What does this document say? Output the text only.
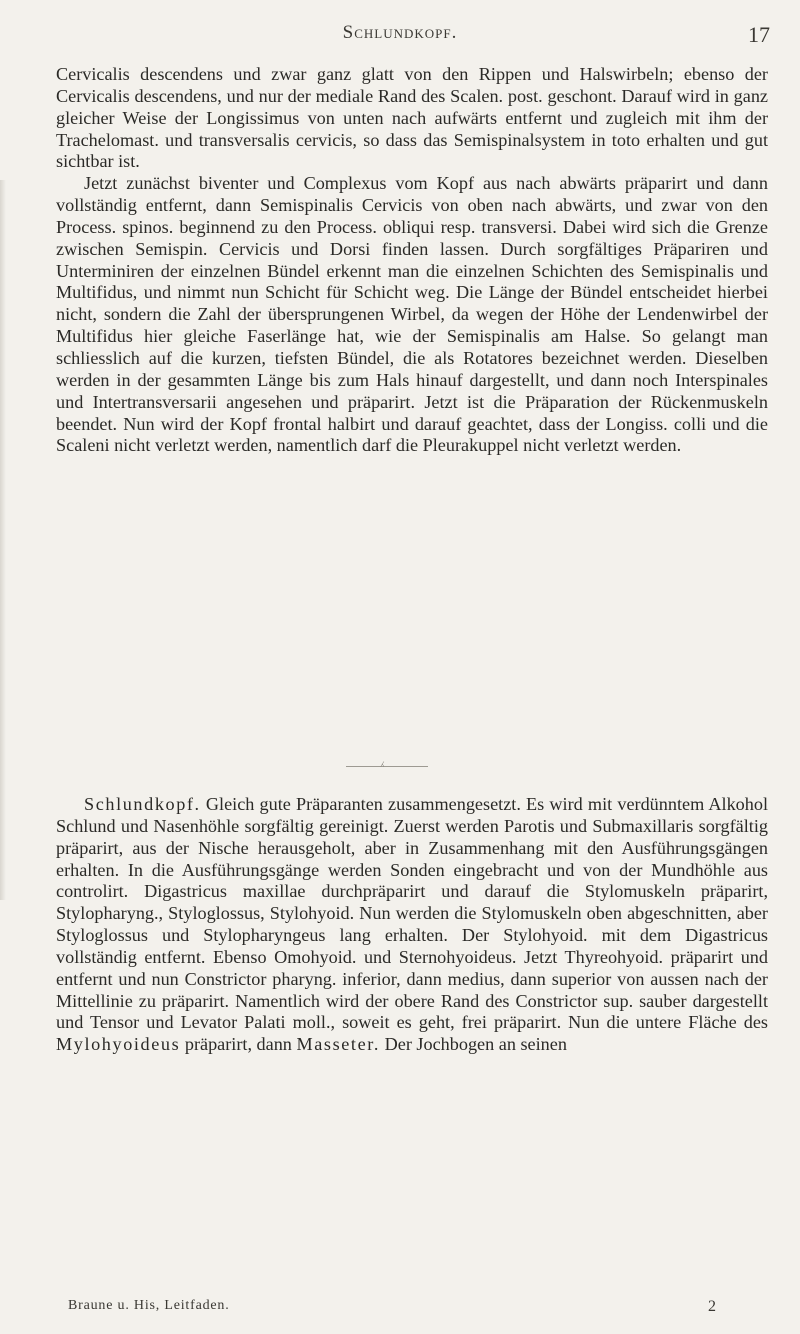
Schlundkopf.	17

Cervicalis descendens und zwar ganz glatt von den Rippen und Halswirbeln; ebenso der Cervicalis descendens, und nur der mediale Rand des Scalen. post. geschont. Darauf wird in ganz gleicher Weise der Longissimus von unten nach aufwärts entfernt und zugleich mit ihm der Trachelomast. und transversalis cervicis, so dass das Semispinalsystem in toto erhalten und gut sichtbar ist.

Jetzt zunächst biventer und Complexus vom Kopf aus nach abwärts präparirt und dann vollständig entfernt, dann Semispinalis Cervicis von oben nach abwärts, und zwar von den Process. spinos. beginnend zu den Process. obliqui resp. transversi. Dabei wird sich die Grenze zwischen Semispin. Cervicis und Dorsi finden lassen. Durch sorgfältiges Präpariren und Unterminiren der einzelnen Bündel erkennt man die einzelnen Schichten des Semispinalis und Multifidus, und nimmt nun Schicht für Schicht weg. Die Länge der Bündel entscheidet hierbei nicht, sondern die Zahl der übersprungenen Wirbel, da wegen der Höhe der Lendenwirbel der Multifidus hier gleiche Faserlänge hat, wie der Semispinalis am Halse. So gelangt man schliesslich auf die kurzen, tiefsten Bündel, die als Rotatores bezeichnet werden. Dieselben werden in der gesammten Länge bis zum Hals hinauf dargestellt, und dann noch Interspinales und Intertransversarii angesehen und präparirt. Jetzt ist die Präparation der Rückenmuskeln beendet. Nun wird der Kopf frontal halbirt und darauf geachtet, dass der Longiss. colli und die Scaleni nicht verletzt werden, namentlich darf die Pleurakuppel nicht verletzt werden.

⁁

Schlundkopf. Gleich gute Präparanten zusammengesetzt. Es wird mit verdünntem Alkohol Schlund und Nasenhöhle sorgfältig gereinigt. Zuerst werden Parotis und Submaxillaris sorgfältig präparirt, aus der Nische herausgeholt, aber in Zusammenhang mit den Ausführungsgängen erhalten. In die Ausführungsgänge werden Sonden eingebracht und von der Mundhöhle aus controlirt. Digastricus maxillae durchpräparirt und darauf die Stylomuskeln präparirt, Stylopharyng., Styloglossus, Stylohyoid. Nun werden die Stylomuskeln oben abgeschnitten, aber Styloglossus und Stylopharyngeus lang erhalten. Der Stylohyoid. mit dem Digastricus vollständig entfernt. Ebenso Omohyoid. und Sternohyoideus. Jetzt Thyreohyoid. präparirt und entfernt und nun Constrictor pharyng. inferior, dann medius, dann superior von aussen nach der Mittellinie zu präparirt. Namentlich wird der obere Rand des Constrictor sup. sauber dargestellt und Tensor und Levator Palati moll., soweit es geht, frei präparirt. Nun die untere Fläche des Mylohyoideus präparirt, dann Masseter. Der Jochbogen an seinen

Braune u. His, Leitfaden.	2
